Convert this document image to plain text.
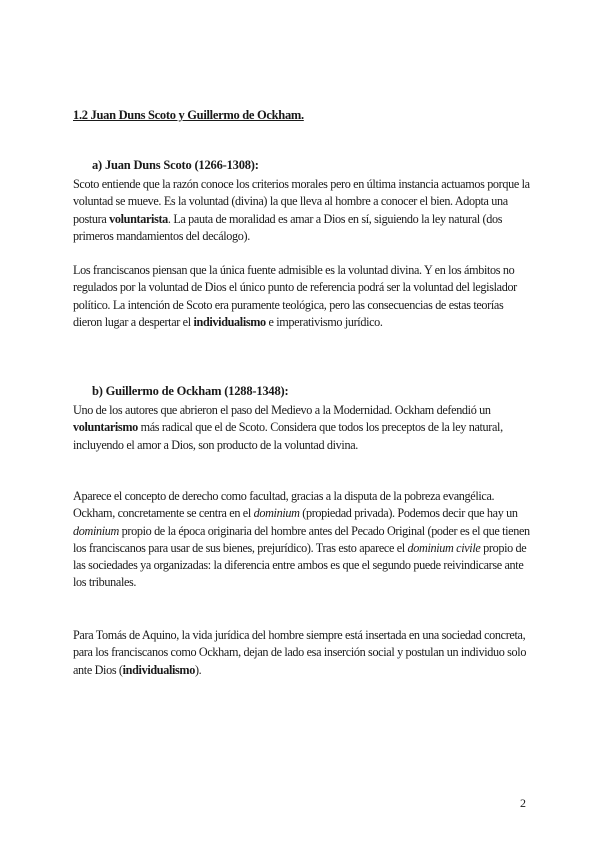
1.2 Juan Duns Scoto y Guillermo de Ockham.
a) Juan Duns Scoto (1266-1308):

Scoto entiende que la razón conoce los criterios morales pero en última instancia actuamos porque la voluntad se mueve. Es la voluntad (divina) la que lleva al hombre a conocer el bien. Adopta una postura voluntarista. La pauta de moralidad es amar a Dios en sí, siguiendo la ley natural (dos primeros mandamientos del decálogo).

Los franciscanos piensan que la única fuente admisible es la voluntad divina. Y en los ámbitos no regulados por la voluntad de Dios el único punto de referencia podrá ser la voluntad del legislador político. La intención de Scoto era puramente teológica, pero las consecuencias de estas teorías dieron lugar a despertar el individualismo e imperativismo jurídico.

b) Guillermo de Ockham (1288-1348):

Uno de los autores que abrieron el paso del Medievo a la Modernidad. Ockham defendió un voluntarismo más radical que el de Scoto. Considera que todos los preceptos de la ley natural, incluyendo el amor a Dios, son producto de la voluntad divina.

Aparece el concepto de derecho como facultad, gracias a la disputa de la pobreza evangélica. Ockham, concretamente se centra en el dominium (propiedad privada). Podemos decir que hay un dominium propio de la época originaria del hombre antes del Pecado Original (poder es el que tienen los franciscanos para usar de sus bienes, prejurídico). Tras esto aparece el dominium civile propio de las sociedades ya organizadas: la diferencia entre ambos es que el segundo puede reivindicarse ante los tribunales.

Para Tomás de Aquino, la vida jurídica del hombre siempre está insertada en una sociedad concreta, para los franciscanos como Ockham, dejan de lado esa inserción social y postulan un individuo solo ante Dios (individualismo).

2
